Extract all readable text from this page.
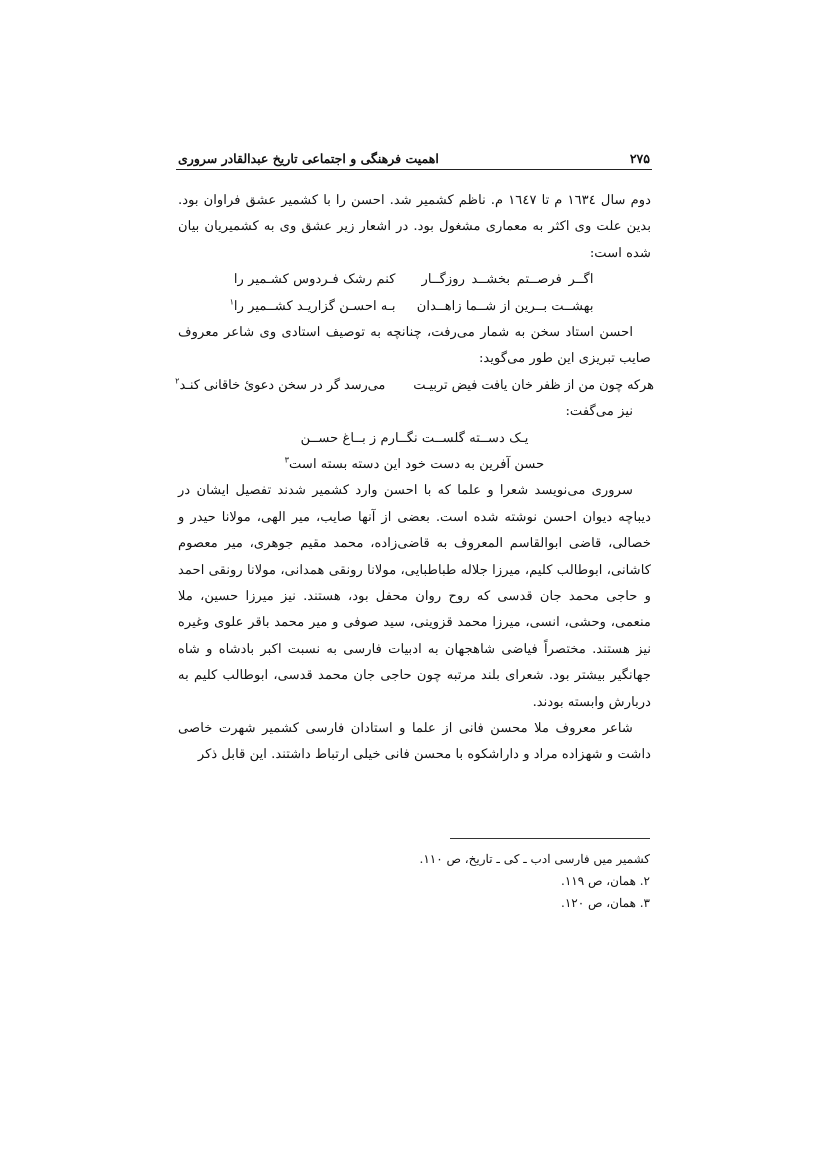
۲۷۵
اهمیت فرهنگی و اجتماعی تاریخ عبدالقادر سروری

دوم سال ۱٦۳٤ م تا ۱٦٤٧ م. ناظم کشمیر شد. احسن را با کشمیر عشق فراوان بود. بدین علت وی اکثر به معماری مشغول بود. در اشعار زیر عشق وی به کشمیریان بیان شده است:

اگــر فرصــتم بخشــد روزگــار
کنم رشک فـردوس کشـمیر را
بهشــت بــرین از شــما زاهــدان
بـه احسـن گزاریـد کشــمیر را$^۱$

احسن استاد سخن به شمار می‌رفت، چنانچه به توصیف استادی وی شاعر معروف صایب تبریزی این طور می‌گوید:

هرکه چون من از ظفر خان یافت فیض تربیـت
می‌رسد گر در سخن دعوی‌ٔ خاقانی کنـد$^۲$

نیز می‌گفت:

یـک دســته گلســت نگــارم ز بــاغ حســن
حسن آفرین به دست خود این دسته بسته است$^۳$

سروری می‌نویسد شعرا و علما که با احسن وارد کشمیر شدند تفصیل ایشان در دیباچه دیوان احسن نوشته شده است. بعضی از آنها صایب، میر الهی، مولانا حیدر و خصالی، قاضی ابوالقاسم المعروف به قاضی‌زاده، محمد مقیم جوهری، میر معصوم کاشانی، ابوطالب کلیم، میرزا جلاله طباطبایی، مولانا رونقی همدانی، مولانا رونقی احمد و حاجی محمد جان قدسی که روح روان محفل بود، هستند. نیز میرزا حسین، ملا منعمی، وحشی، انسی، میرزا محمد قزوینی، سید صوفی و میر محمد باقر علوی وغیره نیز هستند. مختصراً فیاضی شاهجهان به ادبیات فارسی به نسبت اکبر بادشاه و شاه جهانگیر بیشتر بود. شعرای بلند مرتبه چون حاجی جان محمد قدسی، ابوطالب کلیم به دربارش وابسته بودند.

شاعر معروف ملا محسن فانی از علما و استادان فارسی کشمیر شهرت خاصی داشت و شهزاده مراد و داراشکوه با محسن فانی خیلی ارتباط داشتند. این قابل ذکر

کشمیر میں فارسی ادب ـ کی ـ تاریخ، ص ۱۱۰.
۲. همان، ص ۱۱۹.
۳. همان، ص ۱۲۰.
